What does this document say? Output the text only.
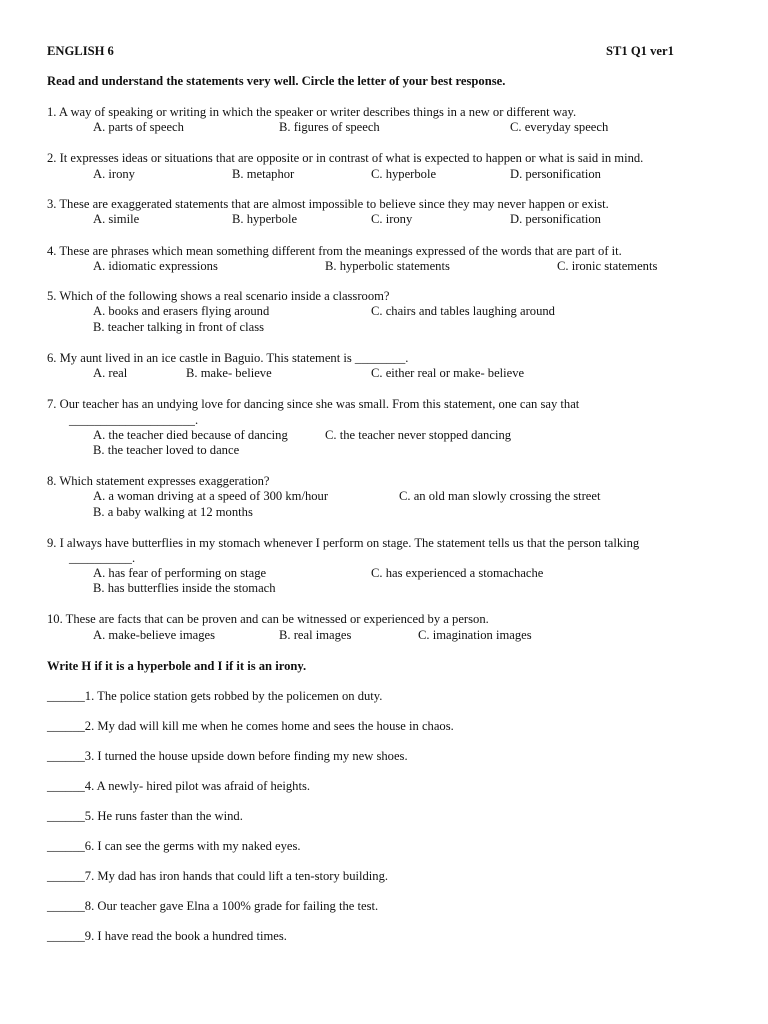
ENGLISH 6	ST1 Q1 ver1
Read and understand the statements very well. Circle the letter of your best response.
1. A way of speaking or writing in which the speaker or writer describes things in a new or different way.
A. parts of speech	B. figures of speech	C. everyday speech
2. It expresses ideas or situations that are opposite or in contrast of what is expected to happen or what is said in mind.
A. irony	B. metaphor	C. hyperbole	D. personification
3. These are exaggerated statements that are almost impossible to believe since they may never happen or exist.
A. simile	B. hyperbole	C. irony	D. personification
4. These are phrases which mean something different from the meanings expressed of the words that are part of it.
A. idiomatic expressions	B. hyperbolic statements	C. ironic statements
5. Which of the following shows a real scenario inside a classroom?
A. books and erasers flying around	C. chairs and tables laughing around
B. teacher talking in front of class
6. My aunt lived in an ice castle in Baguio. This statement is ________.
A. real	B. make- believe	C. either real or make- believe
7. Our teacher has an undying love for dancing since she was small. From this statement, one can say that
____________________.
A. the teacher died because of dancing	C. the teacher never stopped dancing
B. the teacher loved to dance
8. Which statement expresses exaggeration?
A. a woman driving at a speed of 300 km/hour	C. an old man slowly crossing the street
B. a baby walking at 12 months
9. I always have butterflies in my stomach whenever I perform on stage. The statement tells us that the person talking
__________.
A. has fear of performing on stage	C. has experienced a stomachache
B. has butterflies inside the stomach
10. These are facts that can be proven and can be witnessed or experienced by a person.
A. make-believe images	B. real images	C. imagination images
Write H if it is a hyperbole and I if it is an irony.
______1. The police station gets robbed by the policemen on duty.
______2. My dad will kill me when he comes home and sees the house in chaos.
______3. I turned the house upside down before finding my new shoes.
______4. A newly- hired pilot was afraid of heights.
______5. He runs faster than the wind.
______6. I can see the germs with my naked eyes.
______7. My dad has iron hands that could lift a ten-story building.
______8. Our teacher gave Elna a 100% grade for failing the test.
______9. I have read the book a hundred times.
